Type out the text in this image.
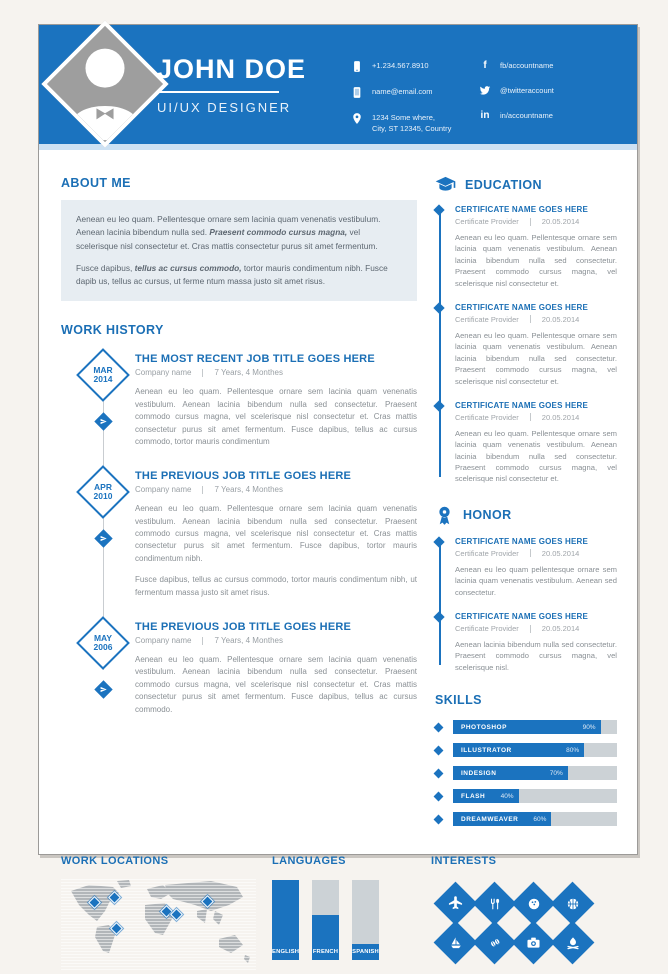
JOHN DOE
UI/UX DESIGNER
+1.234.567.8910
name@email.com
1234 Some where,
City, ST 12345, Country
f	fb/accountname
@twitteraccount
in in/accountname
ABOUT ME

Aenean eu leo quam. Pellentesque ornare sem lacinia quam venenatis vestibulum. Aenean lacinia bibendum nulla sed. Praesent commodo cursus magna, vel scelerisque nisl consectetur et. Cras mattis consectetur purus sit amet fermentum.

Fusce dapibus, tellus ac cursus commodo, tortor mauris condimentum nibh. Fusce dapib us, tellus ac cursus, ut ferme ntum massa justo sit amet risus.

WORK HISTORY
MAR
2014
THE MOST RECENT JOB TITLE GOES HERE
Company name	7 Years, 4 Monthes

Aenean eu leo quam. Pellentesque ornare sem lacinia quam venenatis vestibulum. Aenean lacinia bibendum nulla sed consectetur. Praesent commodo cursus magna, vel scelerisque nisl consectetur et. Cras mattis consectetur purus sit amet fermentum. Fusce dapibus, tellus ac cursus commodo, tortor mauris condimentum

APR
2010
THE PREVIOUS JOB TITLE GOES HERE
Company name	7 Years, 4 Monthes

Aenean eu leo quam. Pellentesque ornare sem lacinia quam venenatis vestibulum. Aenean lacinia bibendum nulla sed consectetur. Praesent commodo cursus magna, vel scelerisque nisl consectetur et. Cras mattis consectetur purus sit amet fermentum. Fusce dapibus, tortor mauris condimentum nibh.

Fusce dapibus, tellus ac cursus commodo, tortor mauris condimentum nibh, ut fermentum massa justo sit amet risus.

MAY
2006
THE PREVIOUS JOB TITLE GOES HERE
Company name	7 Years, 4 Monthes

Aenean eu leo quam. Pellentesque ornare sem lacinia quam venenatis vestibulum. Aenean lacinia bibendum nulla sed consectetur. Praesent commodo cursus magna, vel scelerisque nisl consectetur et. Cras mattis consectetur purus sit amet fermentum. Fusce dapibus, tellus ac cursus commodo.

EDUCATION
CERTIFICATE NAME GOES HERE
Certificate Provider	20.05.2014

Aenean eu leo quam. Pellentesque ornare sem lacinia quam venenatis vestibulum. Aenean lacinia bibendum nulla sed consectetur. Praesent commodo cursus magna, vel scelerisque nisl consectetur et.

CERTIFICATE NAME GOES HERE
Certificate Provider	20.05.2014

Aenean eu leo quam. Pellentesque ornare sem lacinia quam venenatis vestibulum. Aenean lacinia bibendum nulla sed consectetur. Praesent commodo cursus magna, vel scelerisque nisl consectetur et.

CERTIFICATE NAME GOES HERE
Certificate Provider	20.05.2014

Aenean eu leo quam. Pellentesque ornare sem lacinia quam venenatis vestibulum. Aenean lacinia bibendum nulla sed consectetur. Praesent commodo cursus magna, vel scelerisque nisl consectetur et.

HONOR
CERTIFICATE NAME GOES HERE
Certificate Provider	20.05.2014

Aenean eu leo quam pellentesque ornare sem lacinia quam venenatis vestibulum. Aenean sed consectetur.

CERTIFICATE NAME GOES HERE
Certificate Provider	20.05.2014

Aenean lacinia bibendum nulla sed consectetur. Praesent commodo cursus magna, vel scelerisque nisl.

SKILLS
PHOTOSHOP	90%
ILLUSTRATOR	80%
INDESIGN	70%
FLASH 40%
DREAMWEAVER 60%
WORK LOCATIONS	LANGUAGES
ENGLISH FRENCH SPANISH
INTERESTS
